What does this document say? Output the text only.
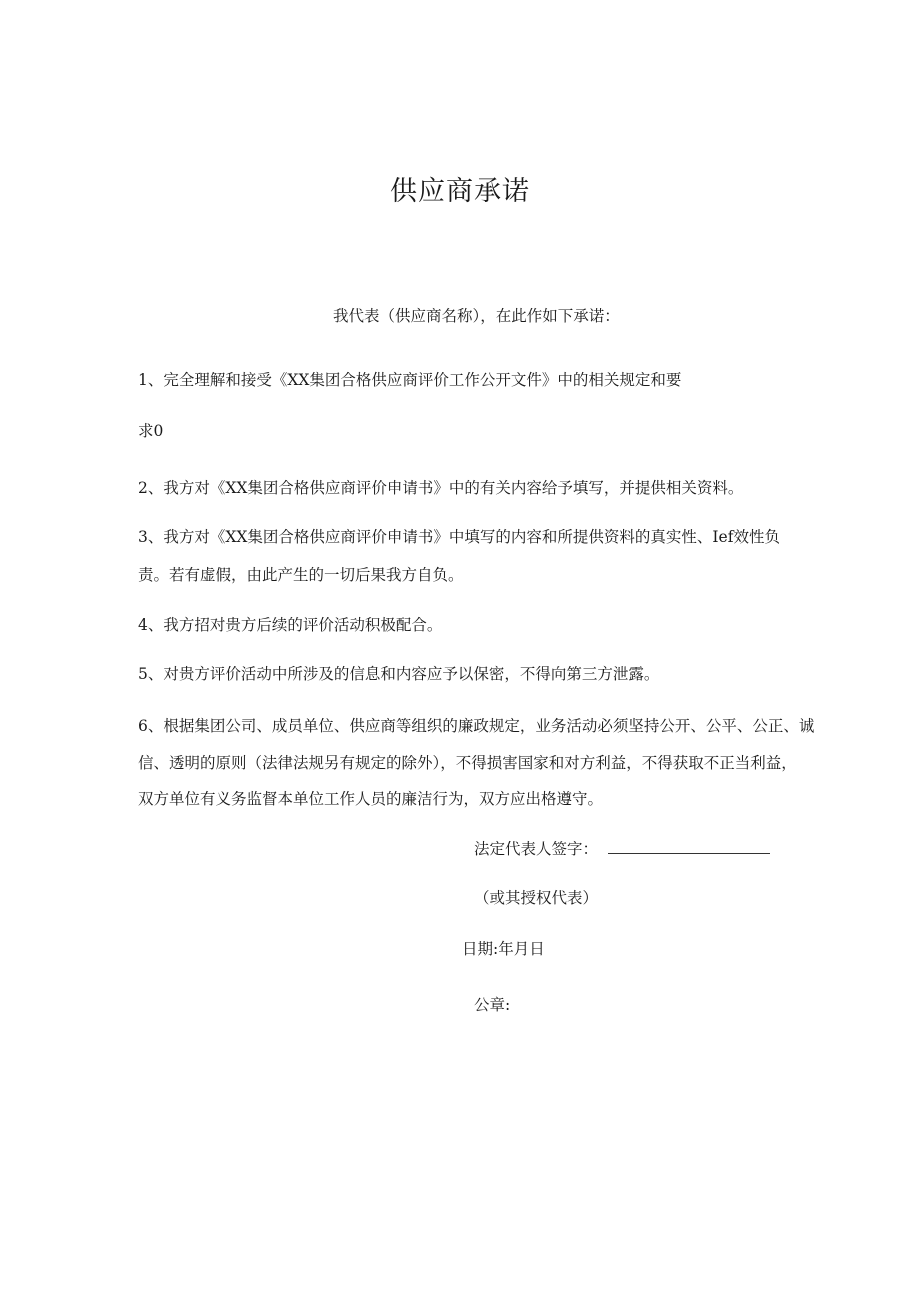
供应商承诺
我代表（供应商名称），在此作如下承诺：
1、完全理解和接受《XX集团合格供应商评价工作公开文件》中的相关规定和要
求0
2、我方对《XX集团合格供应商评价申请书》中的有关内容给予填写，并提供相关资料。
3、我方对《XX集团合格供应商评价申请书》中填写的内容和所提供资料的真实性、Ief效性负
责。若有虚假，由此产生的一切后果我方自负。
4、我方招对贵方后续的评价活动积极配合。
5、对贵方评价活动中所涉及的信息和内容应予以保密，不得向第三方泄露。
6、根据集团公司、成员单位、供应商等组织的廉政规定，业务活动必须坚持公开、公平、公正、诚
信、透明的原则（法律法规另有规定的除外），不得损害国家和对方利益，不得获取不正当利益，
双方单位有义务监督本单位工作人员的廉洁行为，双方应出格遵守。
法定代表人签字：
（或其授权代表）
日期:年月日
公章:
